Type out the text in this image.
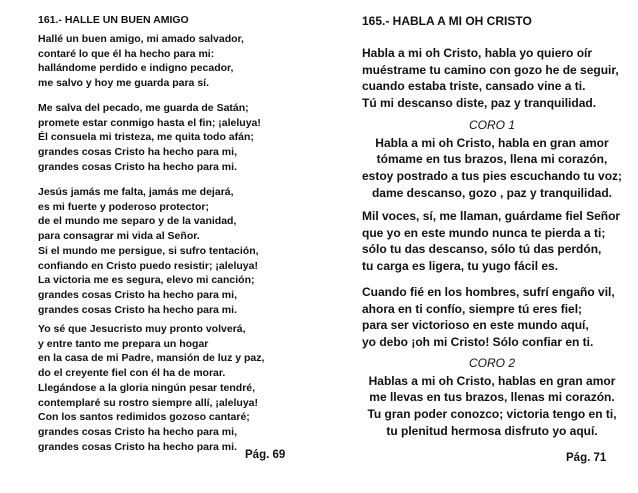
161.- HALLE UN BUEN AMIGO
Hallé un buen amigo, mi amado salvador,
contaré lo que él ha hecho para mi:
hallándome perdido e indigno pecador,
me salvo y hoy me guarda para sí.
Me salva del pecado, me guarda de Satán;
promete estar conmigo hasta el fin; ¡aleluya!
Él consuela mi tristeza, me quita todo afán;
grandes cosas Cristo ha hecho para mi,
grandes cosas Cristo ha hecho para mi.
Jesús jamás me falta, jamás me dejará,
es mi fuerte y poderoso protector;
de el mundo me separo y de la vanidad,
para consagrar mi vida al Señor.
Si el mundo me persigue, si sufro tentación,
confiando en Cristo puedo resistir; ¡aleluya!
La victoria me es segura, elevo mi canción;
grandes cosas Cristo ha hecho para mi,
grandes cosas Cristo ha hecho para mi.
Yo sé que Jesucristo muy pronto volverá,
y entre tanto me prepara un hogar
en la casa de mi Padre, mansión de luz y paz,
do el creyente fiel con él ha de morar.
Llegándose a la gloria ningún pesar tendré,
contemplaré su rostro siempre allí, ¡aleluya!
Con los santos redimidos gozoso cantaré;
grandes cosas Cristo ha hecho para mi,
grandes cosas Cristo ha hecho para mi.
Pág. 69
165.- HABLA A MI OH CRISTO
Habla a mi oh Cristo, habla yo quiero oír
muéstrame tu camino con gozo he de seguir,
cuando estaba triste, cansado vine a ti.
Tú mi descanso diste, paz y tranquilidad.
CORO 1
Habla a mi oh Cristo, habla en gran amor
tómame en tus brazos, llena mi corazón,
estoy postrado a tus pies escuchando tu voz;
dame descanso, gozo , paz y tranquilidad.
Mil voces, sí, me llaman, guárdame fiel Señor
que yo en este mundo nunca te pierda a ti;
sólo tu das descanso, sólo tú das perdón,
tu carga es ligera, tu yugo fácil es.
Cuando fié en los hombres, sufrí engaño vil,
ahora en ti confío, siempre tú eres fiel;
para ser victorioso en este mundo aquí,
yo debo ¡oh mi Cristo! Sólo confiar en ti.
CORO 2
Hablas a mi oh Cristo, hablas en gran amor
me llevas en tus brazos, llenas mi corazón.
Tu gran poder conozco; victoria tengo en ti,
tu plenitud hermosa disfruto yo aquí.
Pág. 71
